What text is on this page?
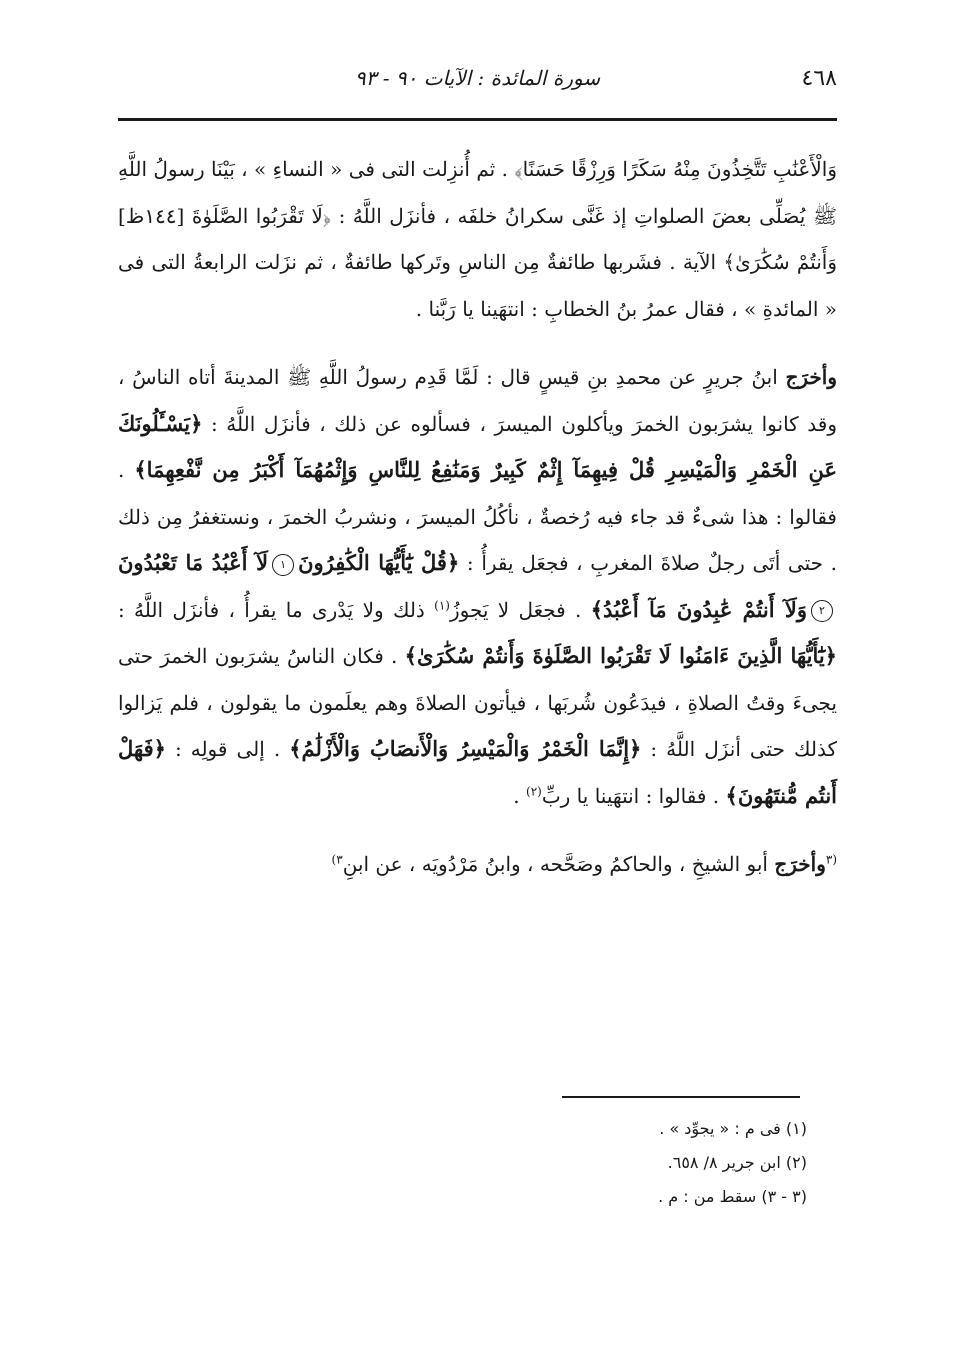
٤٦٨
سورة المائدة : الآيات ٩٠ - ٩٣

وَالْأَعْنَٰبِ تَتَّخِذُونَ مِنْهُ سَكَرًا وَرِزْقًا حَسَنًا﴾ . ثم أُنزِلت التى فى « النساءِ » ، بَيْنَا رسولُ اللَّهِ ﷺ يُصَلِّى بعضَ الصلواتِ إذ غَنَّى سكرانُ خلفَه ، فأنزَل اللَّهُ : ﴿لَا تَقْرَبُوا الصَّلَوٰةَ [١٤٤ظ] وَأَنتُمْ سُكَٰرَىٰ﴾ الآية . فشَربها طائفةٌ مِن الناسِ وتَركها طائفةٌ ، ثم نزَلت الرابعةُ التى فى « المائدةِ » ، فقال عمرُ بنُ الخطابِ : انتهَينا يا رَبَّنا .

وأخرَج ابنُ جريرٍ عن محمدِ بنِ قيسٍ قال : لَمَّا قَدِم رسولُ اللَّهِ ﷺ المدينةَ أتاه الناسُ ، وقد كانوا يشرَبون الخمرَ ويأكلون الميسرَ ، فسألوه عن ذلك ، فأنزَل اللَّهُ : ﴿يَسْـَٔلُونَكَ عَنِ الْخَمْرِ وَالْمَيْسِرِ قُلْ فِيهِمَآ إِثْمٌ كَبِيرٌ وَمَنَٰفِعُ لِلنَّاسِ وَإِثْمُهُمَآ أَكْبَرُ مِن نَّفْعِهِمَا﴾ . فقالوا : هذا شىءٌ قد جاء فيه رُخصةٌ ، نأكُلُ الميسرَ ، ونشربُ الخمرَ ، ونستغفرُ مِن ذلك . حتى أتَى رجلٌ صلاةَ المغربِ ، فجعَل يقرأُ : ﴿قُلْ يَٰٓأَيُّهَا الْكَٰفِرُونَ١لَآ أَعْبُدُ مَا تَعْبُدُونَ٢وَلَآ أَنتُمْ عَٰبِدُونَ مَآ أَعْبُدُ﴾ . فجعَل لا يَجوزُ$^{(١)}$ ذلك ولا يَدْرى ما يقرأُ ، فأنزَل اللَّهُ : ﴿يَٰٓأَيُّهَا الَّذِينَ ءَامَنُوا لَا تَقْرَبُوا الصَّلَوٰةَ وَأَنتُمْ سُكَٰرَىٰ﴾ . فكان الناسُ يشرَبون الخمرَ حتى يجىءَ وقتُ الصلاةِ ، فيدَعُون شُربَها ، فيأتون الصلاةَ وهم يعلَمون ما يقولون ، فلم يَزالوا كذلك حتى أنزَل اللَّهُ : ﴿إِنَّمَا الْخَمْرُ وَالْمَيْسِرُ وَالْأَنصَابُ وَالْأَزْلَٰمُ﴾ . إلى قولِه : ﴿فَهَلْ أَنتُم مُّنتَهُونَ﴾ . فقالوا : انتهَينا يا ربِّ$^{(٢)}$ .

$^{(٣}$وأخرَج أبو الشيخِ ، والحاكمُ وصَحَّحه ، وابنُ مَرْدُويَه ، عن ابنِ$^{٣)}$

(١) فى م : « يجوِّد » .
(٢) ابن جرير ٨/ ٦٥٨.
(٣ - ٣) سقط من : م .
